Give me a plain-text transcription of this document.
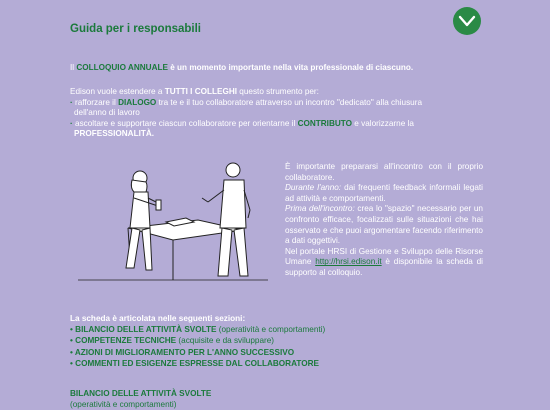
Guida per i responsabili
Il COLLOQUIO ANNUALE è un momento importante nella vita professionale di ciascuno.
Edison vuole estendere a TUTTI I COLLEGHI questo strumento per:
· rafforzare il DIALOGO tra te e il tuo collaboratore attraverso un incontro "dedicato" alla chiusura
dell'anno di lavoro
· ascoltare e supportare ciascun collaboratore per orientarne il CONTRIBUTO e valorizzarne la
PROFESSIONALITÀ.
È importante prepararsi all'incontro con il proprio collaboratore.
Durante l'anno: dai frequenti feedback informali legati ad attività e comportamenti.
Prima dell'incontro: crea lo "spazio" necessario per un confronto efficace, focalizzati sulle situazioni che hai osservato e che puoi argomentare facendo riferimento a dati oggettivi.
Nel portale HRSI di Gestione e Sviluppo delle Risorse Umane http://hrsi.edison.it è disponibile la scheda di supporto al colloquio.
La scheda è articolata nelle seguenti sezioni:
• BILANCIO DELLE ATTIVITÀ SVOLTE (operatività e comportamenti)
• COMPETENZE TECNICHE (acquisite e da sviluppare)
• AZIONI DI MIGLIORAMENTO PER L'ANNO SUCCESSIVO
• COMMENTI ED ESIGENZE ESPRESSE DAL COLLABORATORE
BILANCIO DELLE ATTIVITÀ SVOLTE
(operatività e comportamenti)
